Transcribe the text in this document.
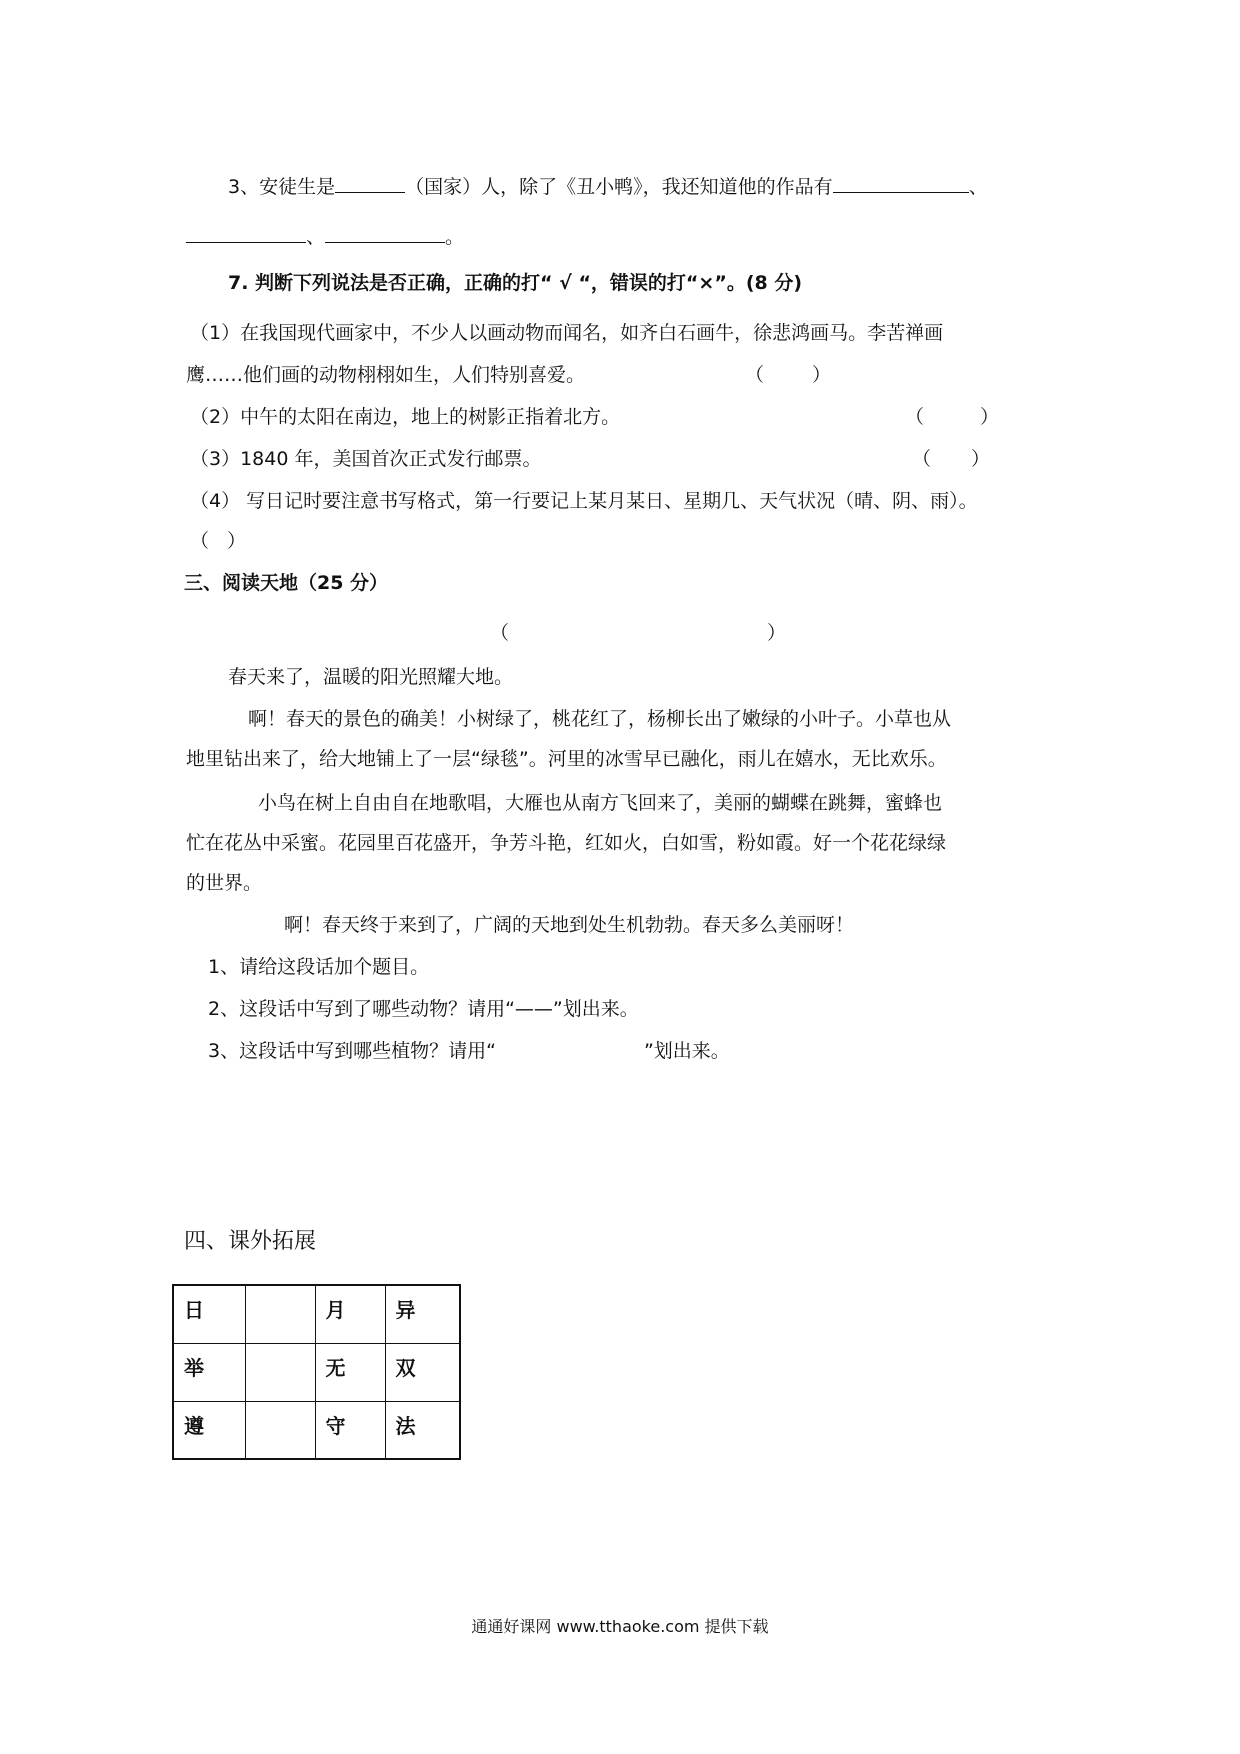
3、安徒生是	（国家）人，除了《丑小鸭》，我还知道他的作品有	、
、	。
7. 判断下列说法是否正确，正确的打“ √ “，错误的打“×”。(8 分)
（1）在我国现代画家中，不少人以画动物而闻名，如齐白石画牛，徐悲鸿画马。李苦禅画
鹰……他们画的动物栩栩如生，人们特别喜爱。	（	）
（2）中午的太阳在南边，地上的树影正指着北方。	（	）
（3）1840 年，美国首次正式发行邮票。	（ ）
（4） 写日记时要注意书写格式，第一行要记上某月某日、星期几、天气状况（晴、阴、雨）。
（ ）
三、阅读天地（25 分）
（	）
春天来了，温暖的阳光照耀大地。
啊！春天的景色的确美！小树绿了，桃花红了，杨柳长出了嫩绿的小叶子。小草也从
地里钻出来了，给大地铺上了一层“绿毯”。河里的冰雪早已融化，雨儿在嬉水，无比欢乐。
小鸟在树上自由自在地歌唱，大雁也从南方飞回来了，美丽的蝴蝶在跳舞，蜜蜂也
忙在花丛中采蜜。花园里百花盛开，争芳斗艳，红如火，白如雪，粉如霞。好一个花花绿绿
的世界。
啊！春天终于来到了，广阔的天地到处生机勃勃。春天多么美丽呀！
1、请给这段话加个题目。
2、这段话中写到了哪些动物？请用“——”划出来。
3、这段话中写到哪些植物？请用“	”划出来。
四、课外拓展
日		月	异
举		无	双
遵		守	法
通通好课网 www.tthaoke.com 提供下载
